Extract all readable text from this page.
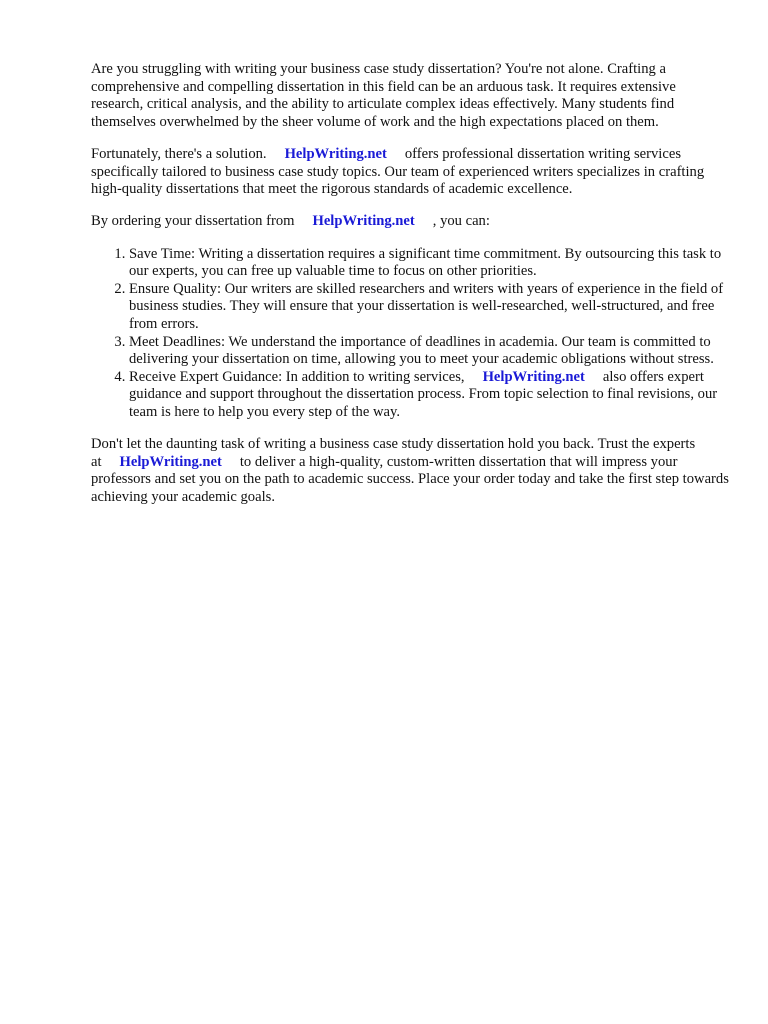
Are you struggling with writing your business case study dissertation? You're not alone. Crafting a comprehensive and compelling dissertation in this field can be an arduous task. It requires extensive research, critical analysis, and the ability to articulate complex ideas effectively. Many students find themselves overwhelmed by the sheer volume of work and the high expectations placed on them.

Fortunately, there's a solution. HelpWriting.net offers professional dissertation writing services specifically tailored to business case study topics. Our team of experienced writers specializes in crafting high-quality dissertations that meet the rigorous standards of academic excellence.

By ordering your dissertation from HelpWriting.net , you can:

1. Save Time: Writing a dissertation requires a significant time commitment. By outsourcing this task to our experts, you can free up valuable time to focus on other priorities.
2. Ensure Quality: Our writers are skilled researchers and writers with years of experience in the field of business studies. They will ensure that your dissertation is well-researched, well-structured, and free from errors.
3. Meet Deadlines: We understand the importance of deadlines in academia. Our team is committed to delivering your dissertation on time, allowing you to meet your academic obligations without stress.
4. Receive Expert Guidance: In addition to writing services, HelpWriting.net also offers expert guidance and support throughout the dissertation process. From topic selection to final revisions, our team is here to help you every step of the way.

Don't let the daunting task of writing a business case study dissertation hold you back. Trust the experts at HelpWriting.net to deliver a high-quality, custom-written dissertation that will impress your professors and set you on the path to academic success. Place your order today and take the first step towards achieving your academic goals.
